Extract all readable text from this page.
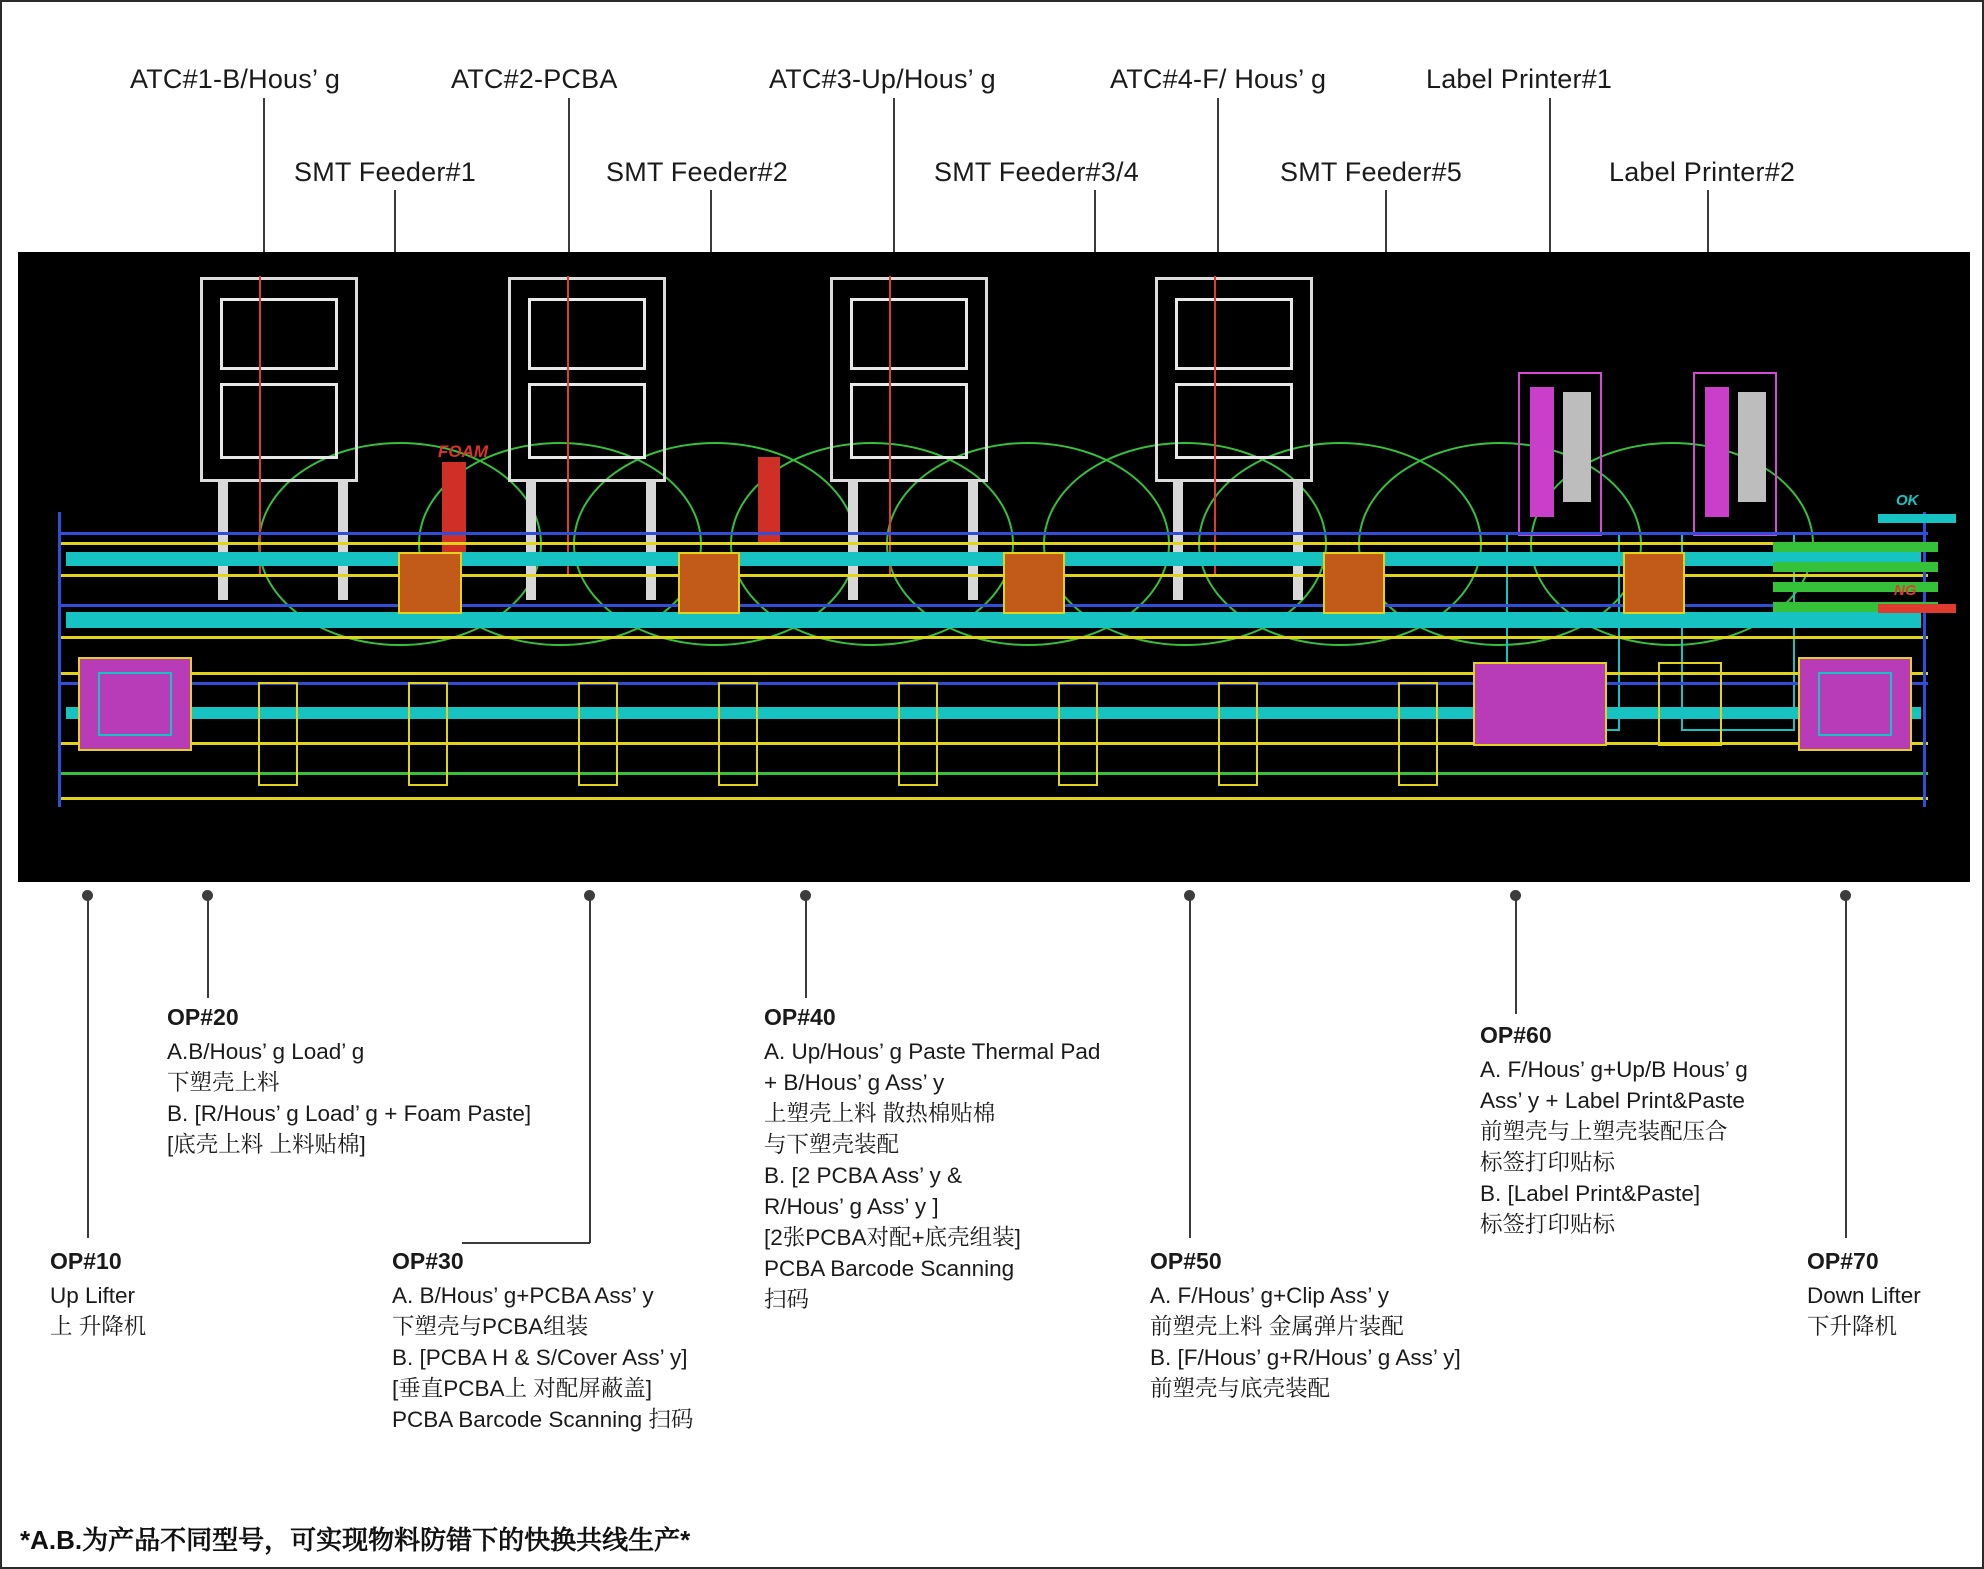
ATC#1-B/Hous’ g	ATC#2-PCBA	ATC#3-Up/Hous’ g	ATC#4-F/ Hous’ g	Label Printer#1
SMT Feeder#1	SMT Feeder#2	SMT Feeder#3/4	SMT Feeder#5	Label Printer#2
FOAM
OK
NG
OP#10
Up Lifter
上 升降机
OP#20
A.B/Hous’ g Load’ g
下塑壳上料
B. [R/Hous’ g Load’ g + Foam Paste]
[底壳上料 上料贴棉]
OP#30
A. B/Hous’ g+PCBA Ass’ y
下塑壳与PCBA组装
B. [PCBA H & S/Cover Ass’ y]
[垂直PCBA上 对配屏蔽盖]
PCBA Barcode Scanning 扫码
OP#40
A. Up/Hous’ g Paste Thermal Pad
+ B/Hous’ g Ass’ y
上塑壳上料 散热棉贴棉
与下塑壳装配
B. [2 PCBA Ass’ y &
R/Hous’ g Ass’ y ]
[2张PCBA对配+底壳组装]
PCBA Barcode Scanning
扫码
OP#50
A. F/Hous’ g+Clip Ass’ y
前塑壳上料 金属弹片装配
B. [F/Hous’ g+R/Hous’ g Ass’ y]
前塑壳与底壳装配
OP#60
A. F/Hous’ g+Up/B Hous’ g
Ass’ y + Label Print&Paste
前塑壳与上塑壳装配压合
标签打印贴标
B. [Label Print&Paste]
标签打印贴标
OP#70
Down Lifter
下升降机
*A.B.为产品不同型号，可实现物料防错下的快换共线生产*
